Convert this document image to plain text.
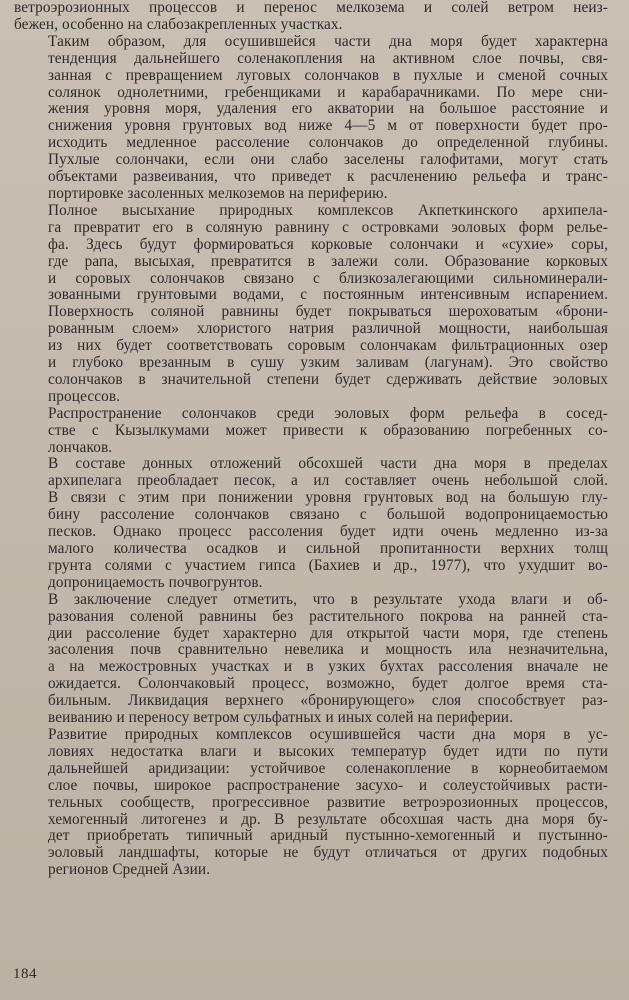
ветроэрозионных процессов и перенос мелкозема и солей ветром неиз-
бежен, особенно на слабозакрепленных участках.

Таким образом, для осушившейся части дна моря будет характерна
тенденция дальнейшего соленакопления на активном слое почвы, свя-
занная с превращением луговых солончаков в пухлые и сменой сочных
солянок однолетними, гребенщиками и карабарачниками. По мере сни-
жения уровня моря, удаления его акватории на большое расстояние и
снижения уровня грунтовых вод ниже 4—5 м от поверхности будет про-
исходить медленное рассоление солончаков до определенной глубины.
Пухлые солончаки, если они слабо заселены галофитами, могут стать
объектами развеивания, что приведет к расчленению рельефа и транс-
портировке засоленных мелкоземов на периферию.

Полное высыхание природных комплексов Акпеткинского архипела-
га превратит его в соляную равнину с островками эоловых форм релье-
фа. Здесь будут формироваться корковые солончаки и «сухие» соры,
где рапа, высыхая, превратится в залежи соли. Образование корковых
и соровых солончаков связано с близкозалегающими сильноминерали-
зованными грунтовыми водами, с постоянным интенсивным испарением.
Поверхность соляной равнины будет покрываться шероховатым «брони-
рованным слоем» хлористого натрия различной мощности, наибольшая
из них будет соответствовать соровым солончакам фильтрационных озер
и глубоко врезанным в сушу узким заливам (лагунам). Это свойство
солончаков в значительной степени будет сдерживать действие эоловых
процессов.

Распространение солончаков среди эоловых форм рельефа в сосед-
стве с Кызылкумами может привести к образованию погребенных со-
лончаков.

В составе донных отложений обсохшей части дна моря в пределах
архипелага преобладает песок, а ил составляет очень небольшой слой.
В связи с этим при понижении уровня грунтовых вод на большую глу-
бину рассоление солончаков связано с большой водопроницаемостью
песков. Однако процесс рассоления будет идти очень медленно из-за
малого количества осадков и сильной пропитанности верхних толщ
грунта солями с участием гипса (Бахиев и др., 1977), что ухудшит во-
допроницаемость почвогрунтов.

В заключение следует отметить, что в результате ухода влаги и об-
разования соленой равнины без растительного покрова на ранней ста-
дии рассоление будет характерно для открытой части моря, где степень
засоления почв сравнительно невелика и мощность ила незначительна,
а на межостровных участках и в узких бухтах рассоления вначале не
ожидается. Солончаковый процесс, возможно, будет долгое время ста-
бильным. Ликвидация верхнего «бронирующего» слоя способствует раз-
веиванию и переносу ветром сульфатных и иных солей на периферии.

Развитие природных комплексов осушившейся части дна моря в ус-
ловиях недостатка влаги и высоких температур будет идти по пути
дальнейшей аридизации: устойчивое соленакопление в корнеобитаемом
слое почвы, широкое распространение засухо- и солеустойчивых расти-
тельных сообществ, прогрессивное развитие ветроэрозионных процессов,
хемогенный литогенез и др. В результате обсохшая часть дна моря бу-
дет приобретать типичный аридный пустынно-хемогенный и пустынно-
эоловый ландшафты, которые не будут отличаться от других подобных
регионов Средней Азии.

184
